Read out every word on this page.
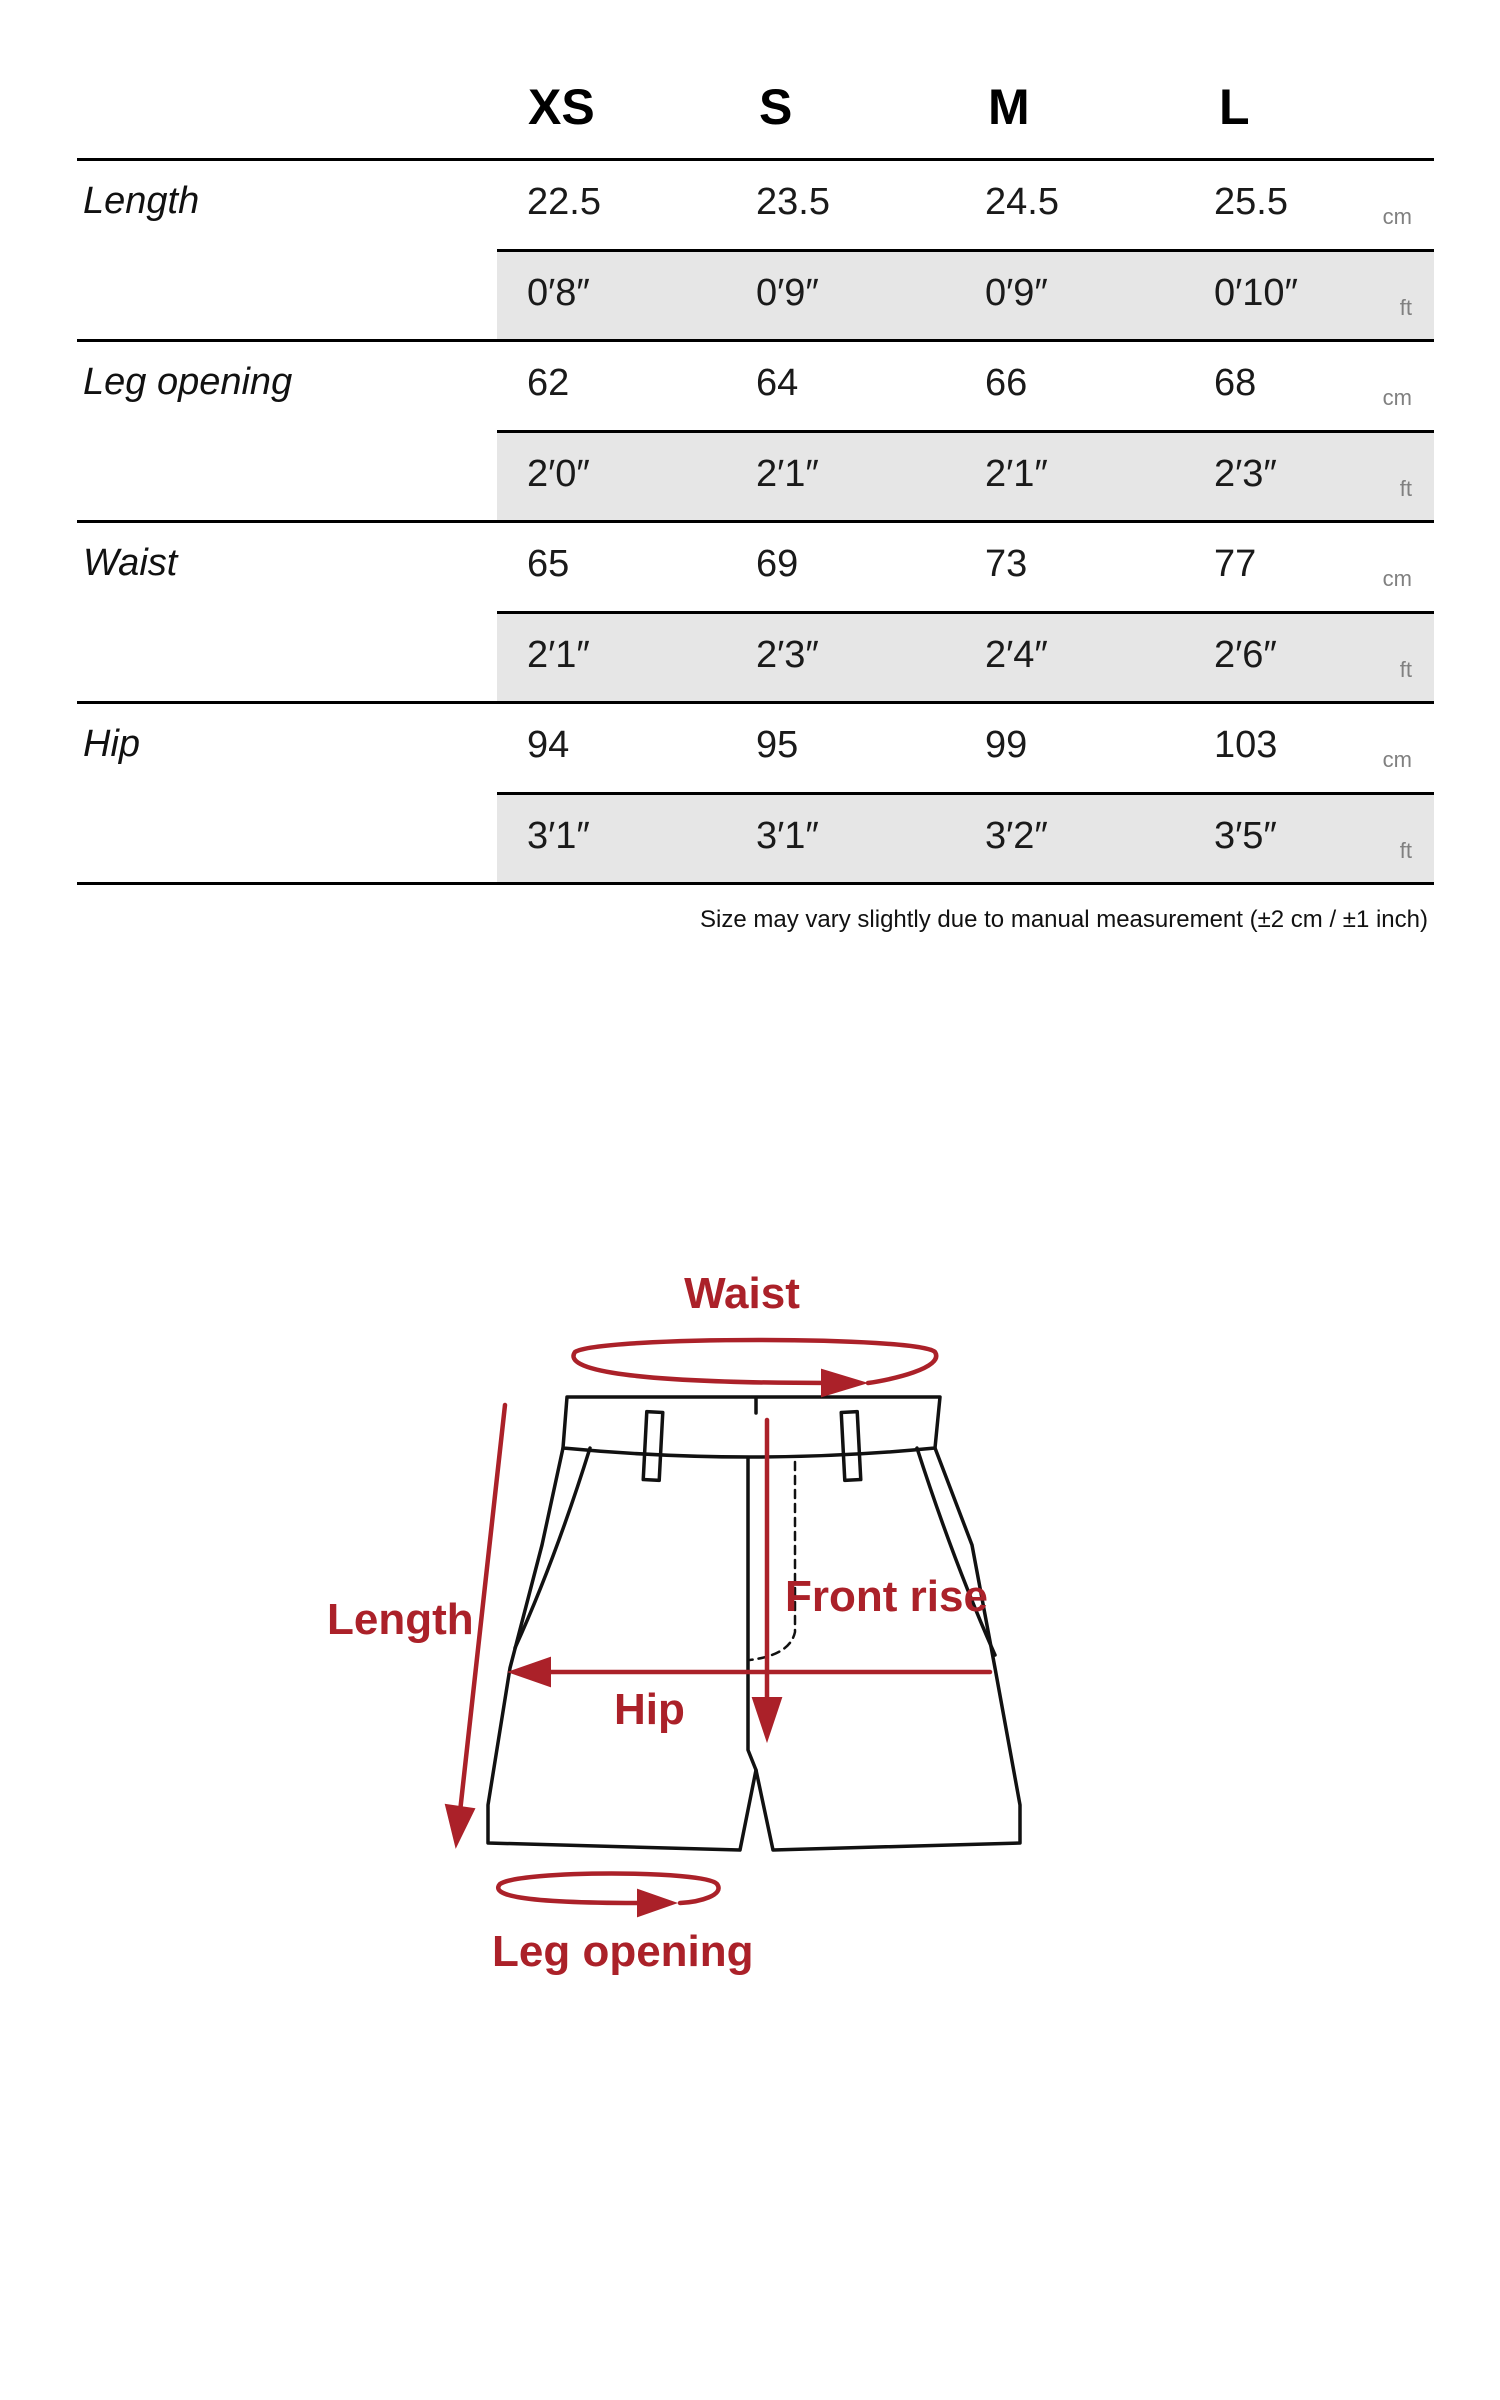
XS	S	M	L
Length	22.5	23.5	24.5	25.5	cm
0′8″	0′9″	0′9″	0′10″	ft
Leg opening	62	64	66	68	cm
2′0″	2′1″	2′1″	2′3″	ft
Waist	65	69	73	77	cm
2′1″	2′3″	2′4″	2′6″	ft
Hip	94	95	99	103	cm
3′1″	3′1″	3′2″	3′5″	ft
Size may vary slightly due to manual measurement (±2 cm / ±1 inch)
Waist
Length	Front rise
Hip
Leg opening
